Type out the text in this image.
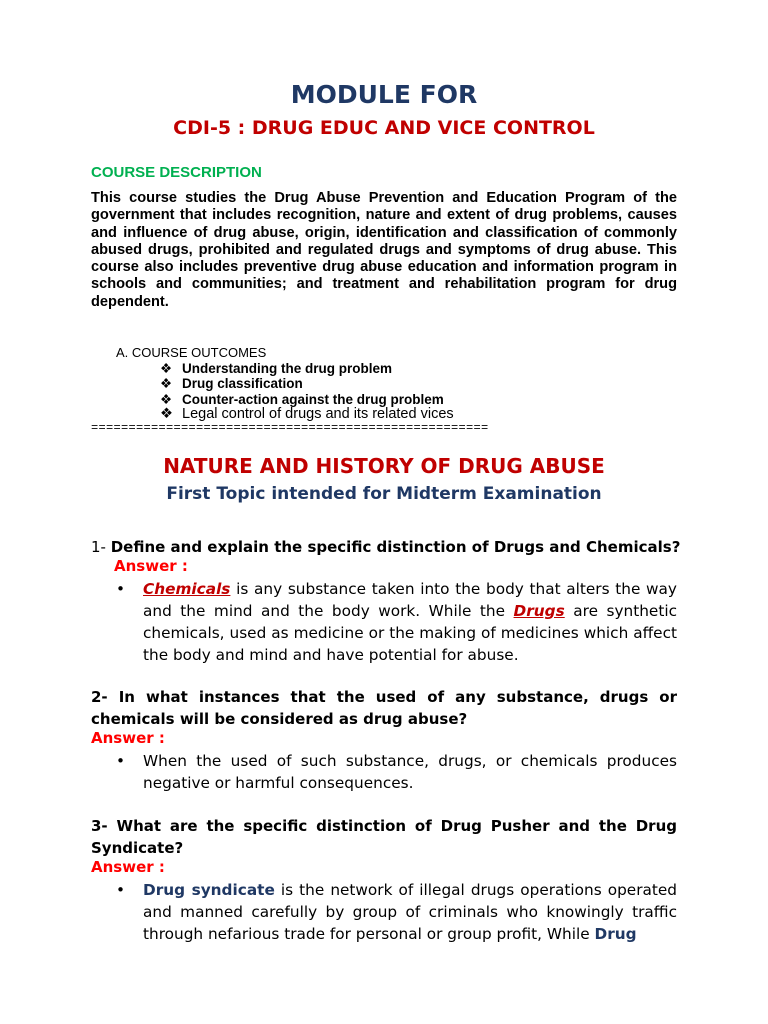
MODULE FOR
CDI-5 : DRUG EDUC AND VICE CONTROL
COURSE DESCRIPTION
This course studies the Drug Abuse Prevention and Education Program of the government that includes recognition, nature and extent of drug problems, causes and influence of drug abuse, origin, identification and classification of commonly abused drugs, prohibited and regulated drugs and symptoms of drug abuse. This course also includes preventive drug abuse education and information program in schools and communities; and treatment and rehabilitation program for drug dependent.
A. COURSE OUTCOMES
❖ Understanding the drug problem
❖ Drug classification
❖ Counter-action against the drug problem
❖ Legal control of drugs and its related vices
=====================================================
NATURE AND HISTORY OF DRUG ABUSE
First Topic intended for Midterm Examination
1- Define and explain the specific distinction of Drugs and Chemicals?
Answer :
• Chemicals is any substance taken into the body that alters the way and the mind and the body work. While the Drugs are synthetic chemicals, used as medicine or the making of medicines which affect the body and mind and have potential for abuse.
2- In what instances that the used of any substance, drugs or chemicals will be considered as drug abuse?
Answer :
• When the used of such substance, drugs, or chemicals produces negative or harmful consequences.
3- What are the specific distinction of Drug Pusher and the Drug Syndicate?
Answer :
• Drug syndicate is the network of illegal drugs operations operated and manned carefully by group of criminals who knowingly traffic through nefarious trade for personal or group profit, While Drug
